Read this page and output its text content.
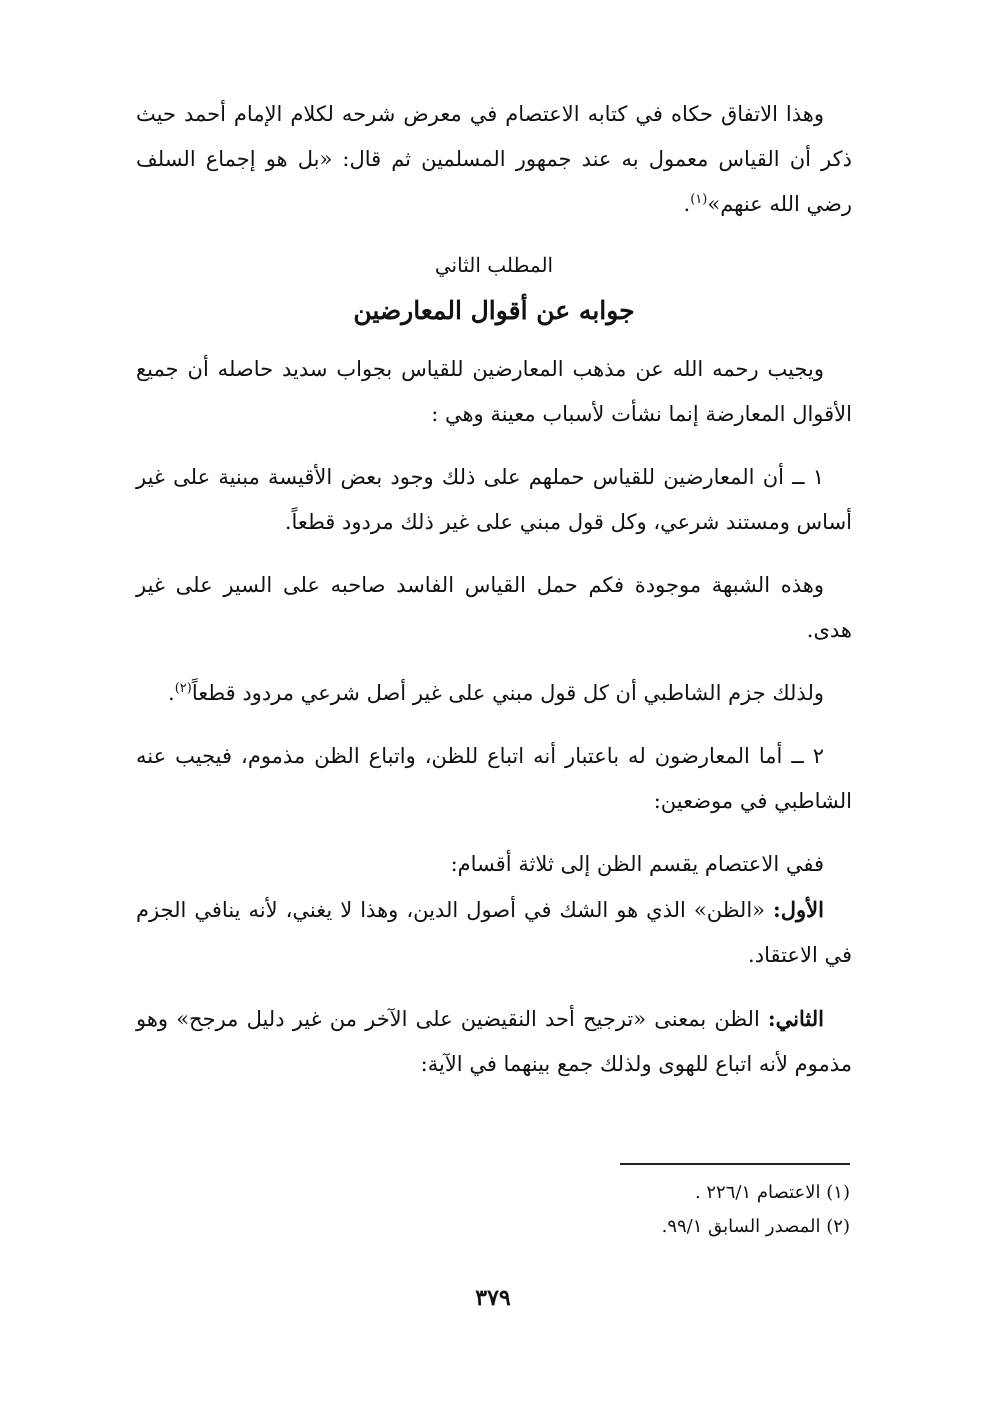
وهذا الاتفاق حكاه في كتابه الاعتصام في معرض شرحه لكلام الإمام أحمد حيث ذكر أن القياس معمول به عند جمهور المسلمين ثم قال: «بل هو إجماع السلف رضي الله عنهم»$^{(١)}$.

المطلب الثاني
جوابه عن أقوال المعارضين

ويجيب رحمه الله عن مذهب المعارضين للقياس بجواب سديد حاصله أن جميع الأقوال المعارضة إنما نشأت لأسباب معينة وهي :

١ ــ أن المعارضين للقياس حملهم على ذلك وجود بعض الأقيسة مبنية على غير أساس ومستند شرعي، وكل قول مبني على غير ذلك مردود قطعاً.

وهذه الشبهة موجودة فكم حمل القياس الفاسد صاحبه على السير على غير هدى.

ولذلك جزم الشاطبي أن كل قول مبني على غير أصل شرعي مردود قطعاً$^{(٢)}$.

٢ ــ أما المعارضون له باعتبار أنه اتباع للظن، واتباع الظن مذموم، فيجيب عنه الشاطبي في موضعين:

ففي الاعتصام يقسم الظن إلى ثلاثة أقسام:

الأول: «الظن» الذي هو الشك في أصول الدين، وهذا لا يغني، لأنه ينافي الجزم في الاعتقاد.

الثاني: الظن بمعنى «ترجيح أحد النقيضين على الآخر من غير دليل مرجح» وهو مذموم لأنه اتباع للهوى ولذلك جمع بينهما في الآية:

(١) الاعتصام ٢٢٦/١ .
(٢) المصدر السابق ٩٩/١.
٣٧٩
